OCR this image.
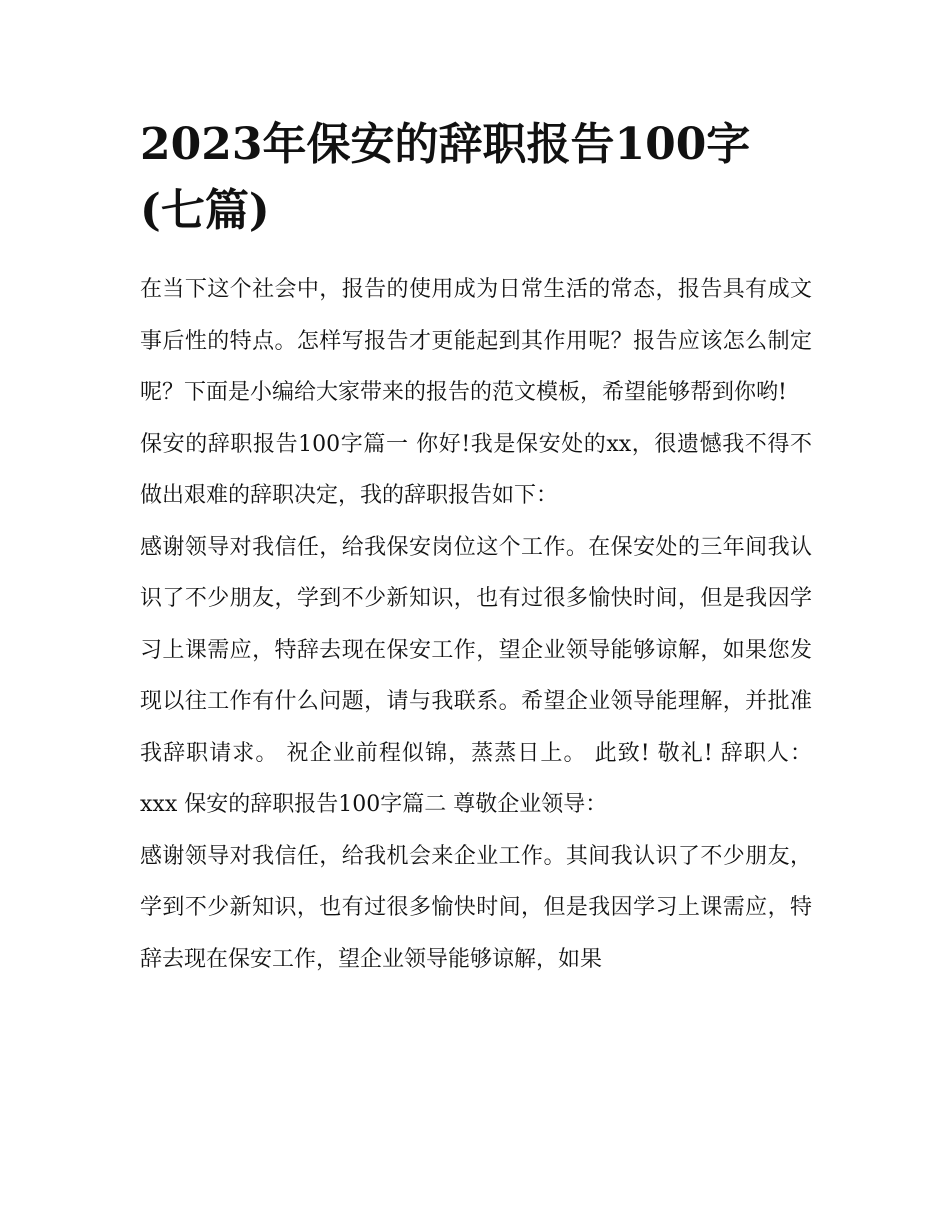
2023年保安的辞职报告100字(七篇)

在当下这个社会中，报告的使用成为日常生活的常态，报告具有成文事后性的特点。怎样写报告才更能起到其作用呢？报告应该怎么制定呢？下面是小编给大家带来的报告的范文模板，希望能够帮到你哟!

保安的辞职报告100字篇一 你好!我是保安处的xx，很遗憾我不得不做出艰难的辞职决定，我的辞职报告如下：

感谢领导对我信任，给我保安岗位这个工作。在保安处的三年间我认识了不少朋友，学到不少新知识，也有过很多愉快时间，但是我因学习上课需应，特辞去现在保安工作，望企业领导能够谅解，如果您发现以往工作有什么问题，请与我联系。希望企业领导能理解，并批准我辞职请求。 祝企业前程似锦，蒸蒸日上。 此致! 敬礼! 辞职人：xxx 保安的辞职报告100字篇二 尊敬企业领导：

感谢领导对我信任，给我机会来企业工作。其间我认识了不少朋友，学到不少新知识，也有过很多愉快时间，但是我因学习上课需应，特辞去现在保安工作，望企业领导能够谅解，如果
